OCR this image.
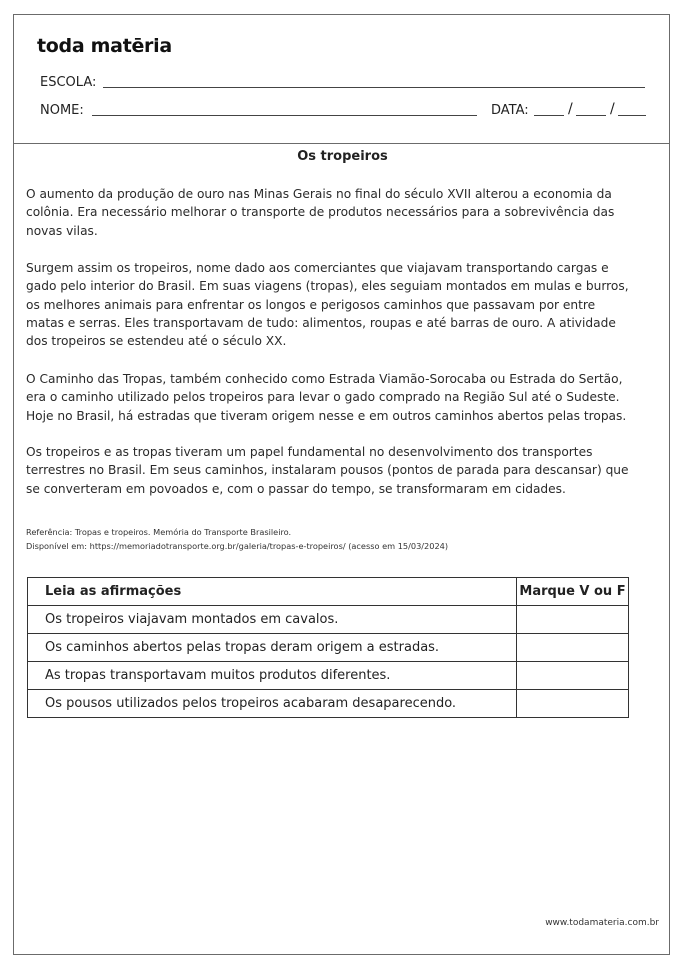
toda matēria
ESCOLA:
NOME:	DATA:	/	/
Os tropeiros

O aumento da produção de ouro nas Minas Gerais no final do século XVII alterou a economia da colônia. Era necessário melhorar o transporte de produtos necessários para a sobrevivência das novas vilas.

Surgem assim os tropeiros, nome dado aos comerciantes que viajavam transportando cargas e gado pelo interior do Brasil. Em suas viagens (tropas), eles seguiam montados em mulas e burros, os melhores animais para enfrentar os longos e perigosos caminhos que passavam por entre matas e serras. Eles transportavam de tudo: alimentos, roupas e até barras de ouro. A atividade dos tropeiros se estendeu até o século XX.

O Caminho das Tropas, também conhecido como Estrada Viamão-Sorocaba ou Estrada do Sertão, era o caminho utilizado pelos tropeiros para levar o gado comprado na Região Sul até o Sudeste. Hoje no Brasil, há estradas que tiveram origem nesse e em outros caminhos abertos pelas tropas.

Os tropeiros e as tropas tiveram um papel fundamental no desenvolvimento dos transportes terrestres no Brasil. Em seus caminhos, instalaram pousos (pontos de parada para descansar) que se converteram em povoados e, com o passar do tempo, se transformaram em cidades.

Referência: Tropas e tropeiros. Memória do Transporte Brasileiro.
Disponível em: https://memoriadotransporte.org.br/galeria/tropas-e-tropeiros/ (acesso em 15/03/2024)
Leia as afirmações	Marque V ou F
Os tropeiros viajavam montados em cavalos.	
Os caminhos abertos pelas tropas deram origem a estradas.	
As tropas transportavam muitos produtos diferentes.	
Os pousos utilizados pelos tropeiros acabaram desaparecendo.	
www.todamateria.com.br
